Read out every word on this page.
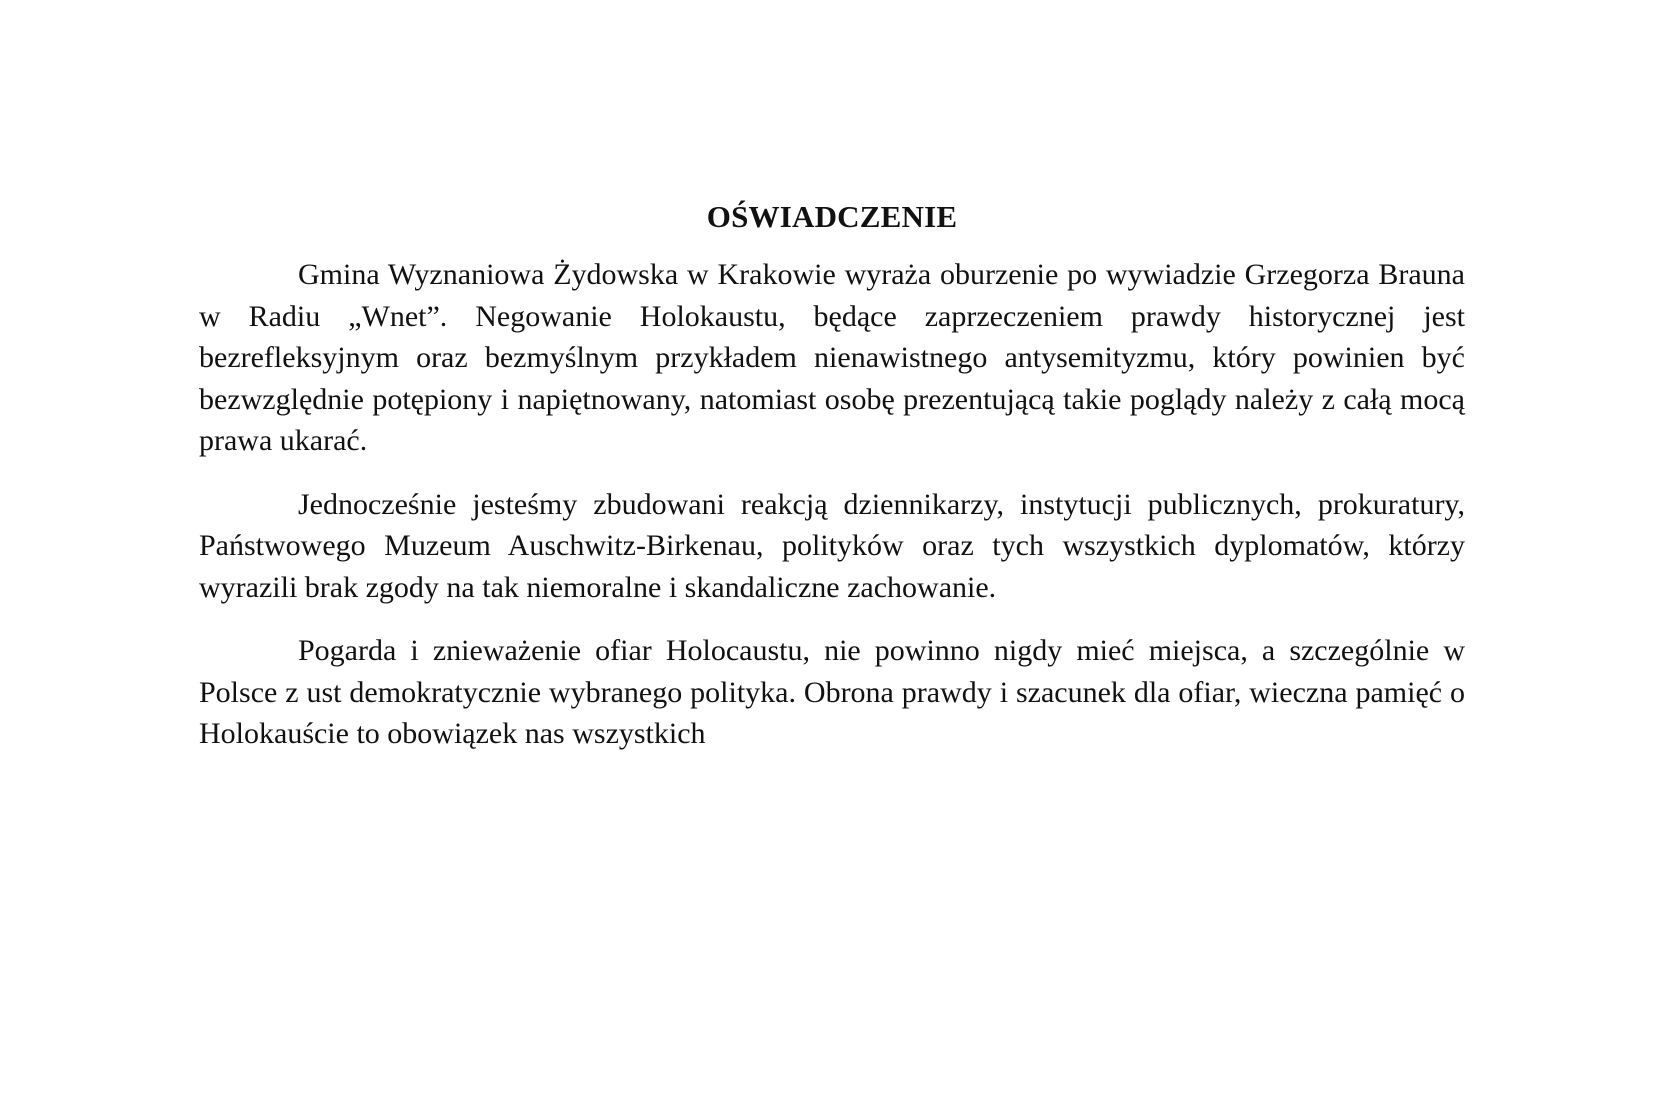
OŚWIADCZENIE

Gmina Wyznaniowa Żydowska w Krakowie wyraża oburzenie po wywiadzie Grzegorza Brauna w Radiu „Wnet”. Negowanie Holokaustu, będące zaprzeczeniem prawdy historycznej jest bezrefleksyjnym oraz bezmyślnym przykładem nienawistnego antysemityzmu, który powinien być bezwzględnie potępiony i napiętnowany, natomiast osobę prezentującą takie poglądy należy z całą mocą prawa ukarać.

Jednocześnie jesteśmy zbudowani reakcją dziennikarzy, instytucji publicznych, prokuratury, Państwowego Muzeum Auschwitz-Birkenau, polityków oraz tych wszystkich dyplomatów, którzy wyrazili brak zgody na tak niemoralne i skandaliczne zachowanie.

Pogarda i znieważenie ofiar Holocaustu, nie powinno nigdy mieć miejsca, a szczególnie w Polsce z ust demokratycznie wybranego polityka. Obrona prawdy i szacunek dla ofiar, wieczna pamięć o Holokauście to obowiązek nas wszystkich
